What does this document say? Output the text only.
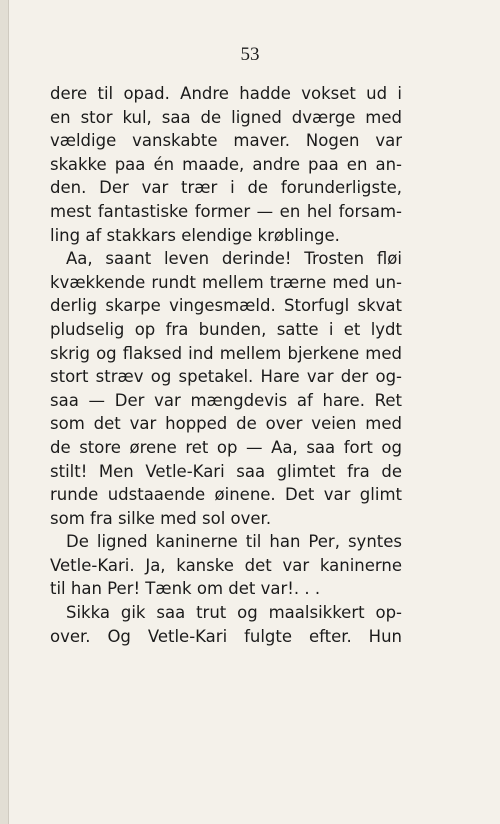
53
dere til opad. Andre hadde vokset ud i
en stor kul, saa de ligned dværge med
vældige vanskabte maver. Nogen var
skakke paa én maade, andre paa en an-
den. Der var trær i de forunderligste,
mest fantastiske former — en hel forsam-
ling af stakkars elendige krøblinge.
Aa, saant leven derinde! Trosten fløi
kvækkende rundt mellem trærne med un-
derlig skarpe vingesmæld. Storfugl skvat
pludselig op fra bunden, satte i et lydt
skrig og flaksed ind mellem bjerkene med
stort stræv og spetakel. Hare var der og-
saa — Der var mængdevis af hare. Ret
som det var hopped de over veien med
de store ørene ret op — Aa, saa fort og
stilt! Men Vetle-Kari saa glimtet fra de
runde udstaaende øinene. Det var glimt
som fra silke med sol over.
De ligned kaninerne til han Per, syntes
Vetle-Kari. Ja, kanske det var kaninerne
til han Per! Tænk om det var!. . .
Sikka gik saa trut og maalsikkert op-
over. Og Vetle-Kari fulgte efter. Hun
